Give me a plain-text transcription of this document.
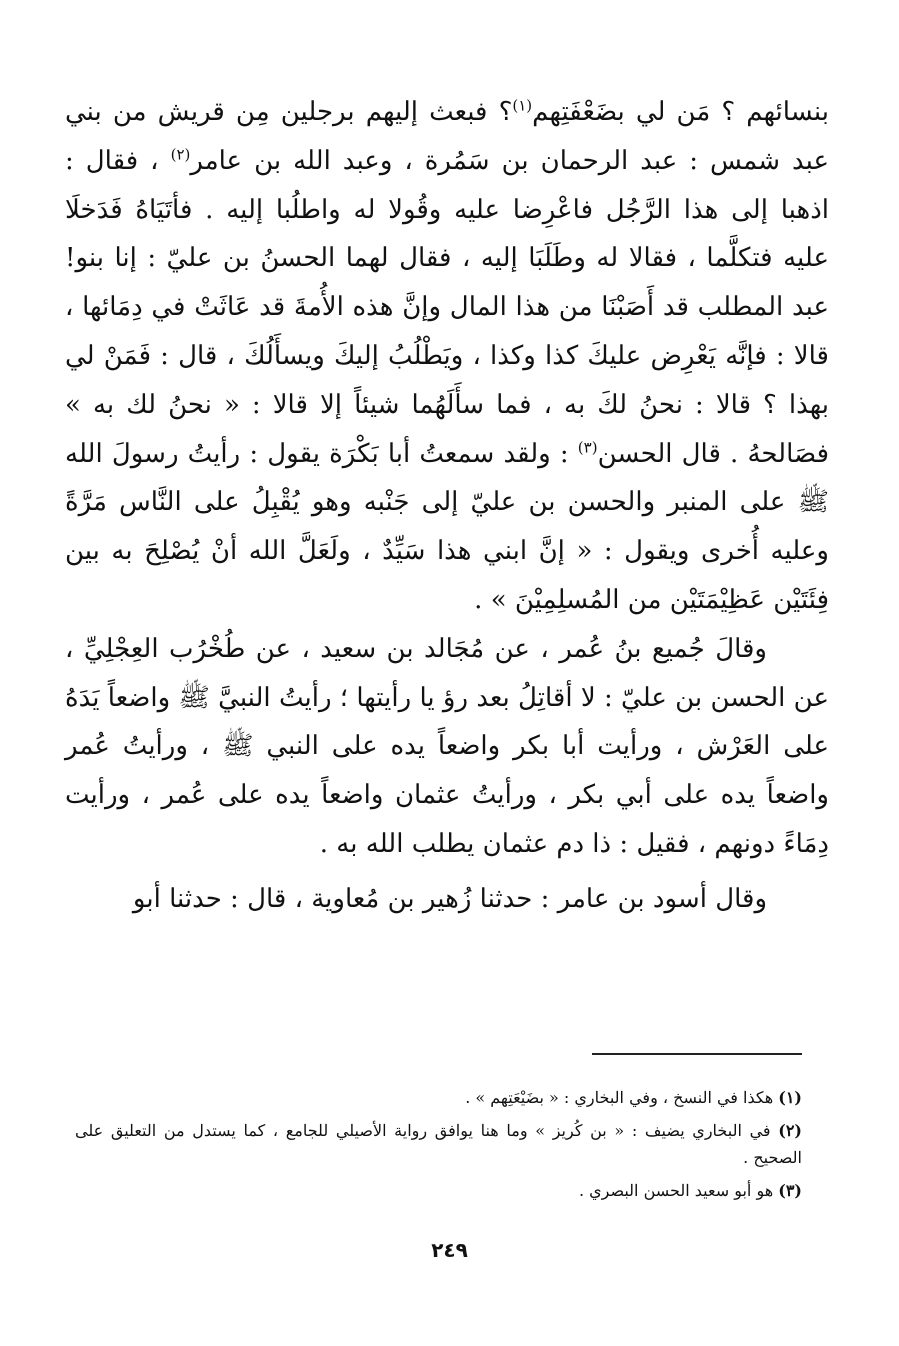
بنسائهم ؟ مَن لي بضَعْفَتِهم$^{(١)}$؟ فبعث إليهم برجلين مِن قريش من بني عبد شمس : عبد الرحمان بن سَمُرة ، وعبد الله بن عامر$^{(٢)}$ ، فقال : اذهبا إلى هذا الرَّجُل فاعْرِضا عليه وقُولا له واطلُبا إليه . فأتَيَاهُ فَدَخلَا عليه فتكلَّما ، فقالا له وطَلَبَا إليه ، فقال لهما الحسنُ بن عليّ : إنا بنو! عبد المطلب قد أَصَبْنَا من هذا المال وإنَّ هذه الأُمةَ قد عَاثَتْ في دِمَائها ، قالا : فإنَّه يَعْرِض عليكَ كذا وكذا ، ويَطْلُبُ إليكَ ويسأَلُكَ ، قال : فَمَنْ لي بهذا ؟ قالا : نحنُ لكَ به ، فما سأَلَهُما شيئاً إلا قالا : « نحنُ لك به » فصَالحهُ . قال الحسن$^{(٣)}$ : ولقد سمعتُ أبا بَكْرَة يقول : رأيتُ رسولَ الله ﷺ على المنبر والحسن بن عليّ إلى جَنْبه وهو يُقْبِلُ على النَّاس مَرَّةً وعليه أُخرى ويقول : « إنَّ ابني هذا سَيِّدٌ ، ولَعَلَّ الله أنْ يُصْلِحَ به بين فِئَتَيْن عَظِيْمَتَيْن من المُسلِمِيْنَ » .

وقالَ جُميع بنُ عُمر ، عن مُجَالد بن سعيد ، عن طُخْرُب العِجْلِيِّ ، عن الحسن بن عليّ : لا أقاتِلُ بعد رؤ يا رأيتها ؛ رأيتُ النبيَّ ﷺ واضعاً يَدَهُ على العَرْش ، ورأيت أبا بكر واضعاً يده على النبي ﷺ ، ورأيتُ عُمر واضعاً يده على أبي بكر ، ورأيتُ عثمان واضعاً يده على عُمر ، ورأيت دِمَاءً دونهم ، فقيل : ذا دم عثمان يطلب الله به .

وقال أسود بن عامر : حدثنا زُهير بن مُعاوية ، قال : حدثنا أبو

(١) هكذا في النسخ ، وفي البخاري : « بضَيْعَتِهم » .

(٢) في البخاري يضيف : « بن كُريز » وما هنا يوافق رواية الأصيلي للجامع ، كما يستدل من التعليق على الصحيح .

(٣) هو أبو سعيد الحسن البصري .

٢٤٩
